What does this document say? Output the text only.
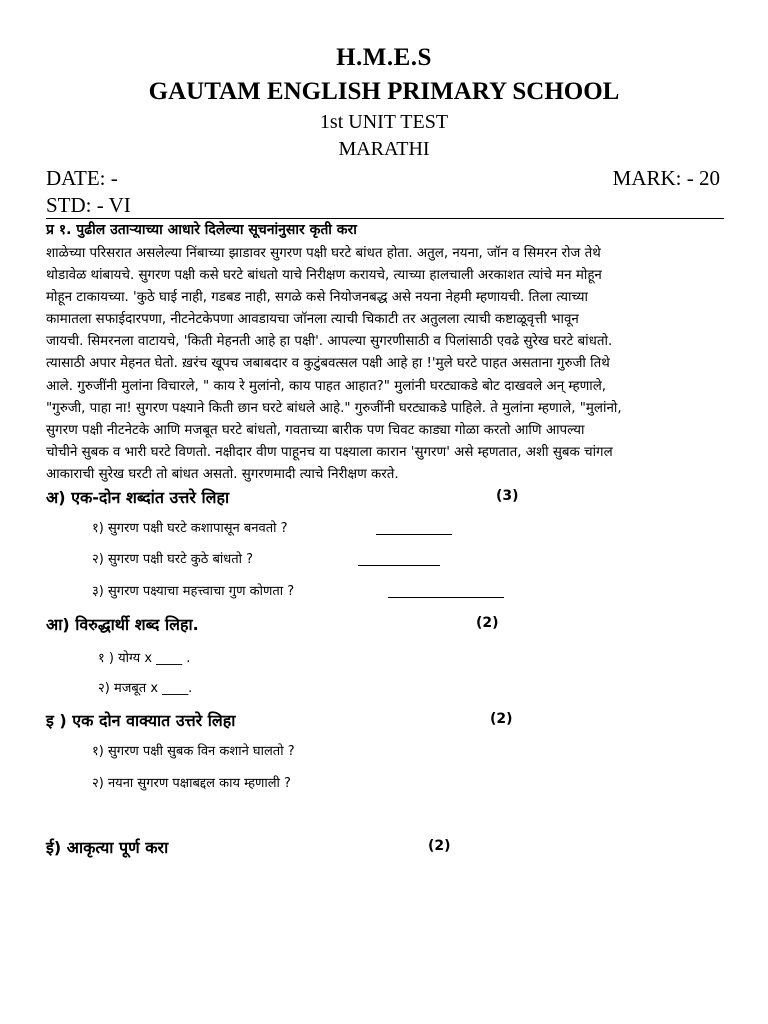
H.M.E.S
GAUTAM ENGLISH PRIMARY SCHOOL
1st UNIT TEST
MARATHI
DATE: -	MARK: - 20
STD: - VI
प्र १. पुढील उताऱ्याच्या आधारे दिलेल्या सूचनांनुसार कृती करा
शाळेच्या परिसरात असलेल्या निंबाच्या झाडावर सुगरण पक्षी घरटे बांधत होता. अतुल, नयना, जॉन व सिमरन रोज तेथे
थोडावेळ थांबायचे. सुगरण पक्षी कसे घरटे बांधतो याचे निरीक्षण करायचे, त्याच्या हालचाली अरकाशत त्यांचे मन मोहून
मोहून टाकायच्या. 'कुठे घाई नाही, गडबड नाही, सगळे कसे नियोजनबद्ध असे नयना नेहमी म्हणायची. तिला त्याच्या
कामातला सफाईदारपणा, नीटनेटकेपणा आवडायचा जॉनला त्याची चिकाटी तर अतुलला त्याची कष्टाळूवृत्ती भावून
जायची. सिमरनला वाटायचे, 'किती मेहनती आहे हा पक्षी'. आपल्या सुगरणीसाठी व पिलांसाठी एवढे सुरेख घरटे बांधतो.
त्यासाठी अपार मेहनत घेतो. ख़रंच खूपच जबाबदार व कुटुंबवत्सल पक्षी आहे हा !'मुले घरटे पाहत असताना गुरुजी तिथे
आले. गुरुजींनी मुलांना विचारले, " काय रे मुलांनो, काय पाहत आहात?" मुलांनी घरट्याकडे बोट दाखवले अन् म्हणाले,
"गुरुजी, पाहा ना! सुगरण पक्ष्याने किती छान घरटे बांधले आहे." गुरुजींनी घरट्याकडे पाहिले. ते मुलांना म्हणाले, "मुलांनो,
सुगरण पक्षी नीटनेटके आणि मजबूत घरटे बांधतो, गवताच्या बारीक पण चिवट काड्या गोळा करतो आणि आपल्या
चोचीने सुबक व भारी घरटे विणतो. नक्षीदार वीण पाहूनच या पक्ष्याला कारान 'सुगरण' असे म्हणतात, अशी सुबक चांगल
आकाराची सुरेख घरटी तो बांधत असतो. सुगरणमादी त्याचे निरीक्षण करते.
अ) एक-दोन शब्दांत उत्तरे लिहा	(3)
१) सुगरण पक्षी घरटे कशापासून बनवतो ?
२) सुगरण पक्षी घरटे कुठे बांधतो ?
३) सुगरण पक्ष्याचा महत्त्वाचा गुण कोणता ?
आ) विरुद्धार्थी शब्द लिहा.	(2)
१ ) योग्य x ____ .
२) मजबूत x ____.
इ ) एक दोन वाक्यात उत्तरे लिहा	(2)
१) सुगरण पक्षी सुबक विन कशाने घालतो ?
२) नयना सुगरण पक्षाबद्दल काय म्हणाली ?
ई) आकृत्या पूर्ण करा	(2)
